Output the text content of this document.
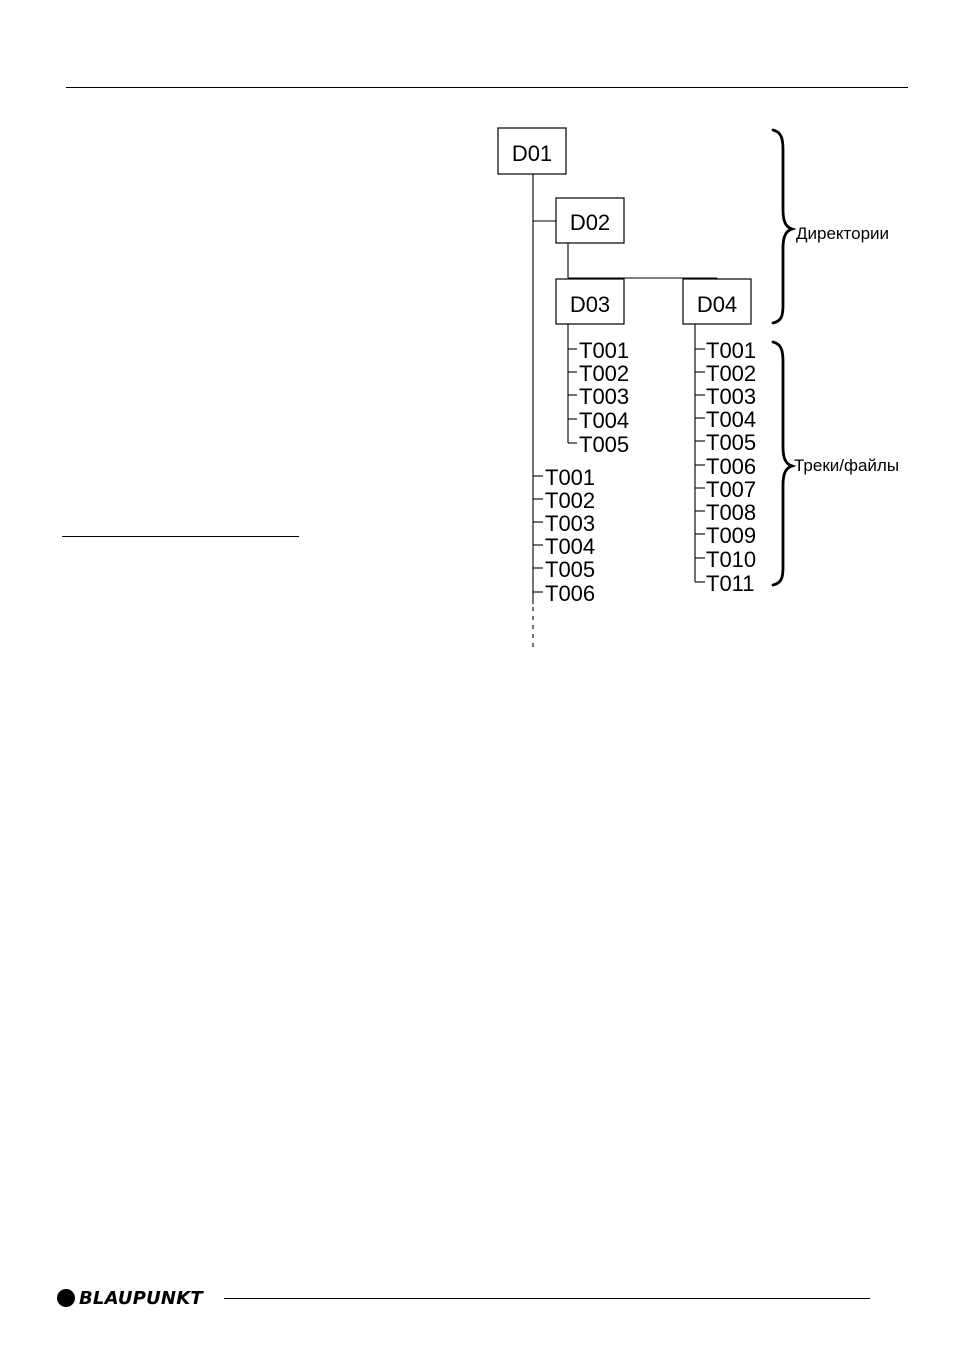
D01
D02
D03	D04
T001
T002
T003
T004
T005
T001
T002
T003
T004
T005
T006
T007
T008
T009
T010
T011
T001
T002
T003
T004
T005
T006
Директории
Треки/файлы
BLAUPUNKT
